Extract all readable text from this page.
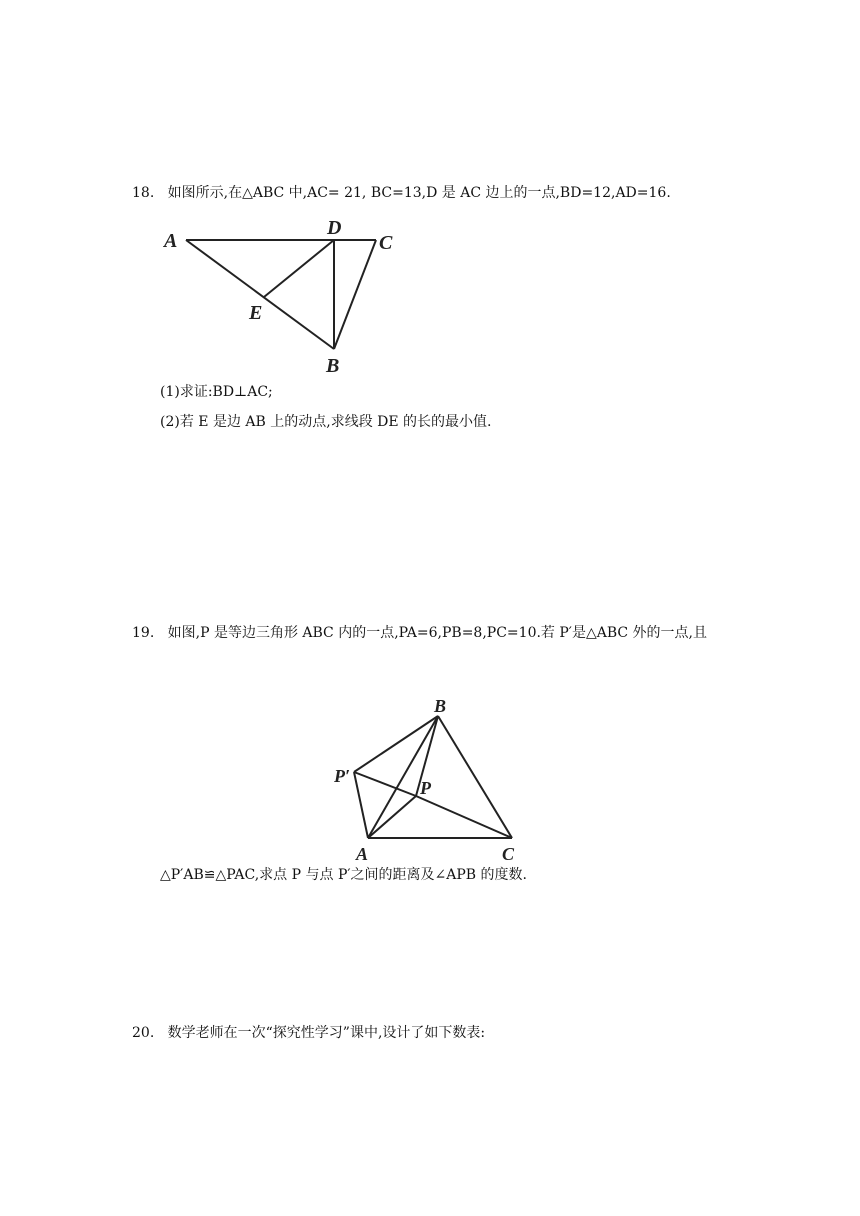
18. 如图所示,在△ABC 中,AC= 21, BC=13,D 是 AC 边上的一点,BD=12,AD=16.
A
D
C
E
B
(1)求证:BD⊥AC;
(2)若 E 是边 AB 上的动点,求线段 DE 的长的最小值.
19. 如图,P 是等边三角形 ABC 内的一点,PA=6,PB=8,PC=10.若 P′是△ABC 外的一点,且
B
P′
P
A	C
△P′AB≌△PAC,求点 P 与点 P′之间的距离及∠APB 的度数.
20. 数学老师在一次“探究性学习”课中,设计了如下数表:
